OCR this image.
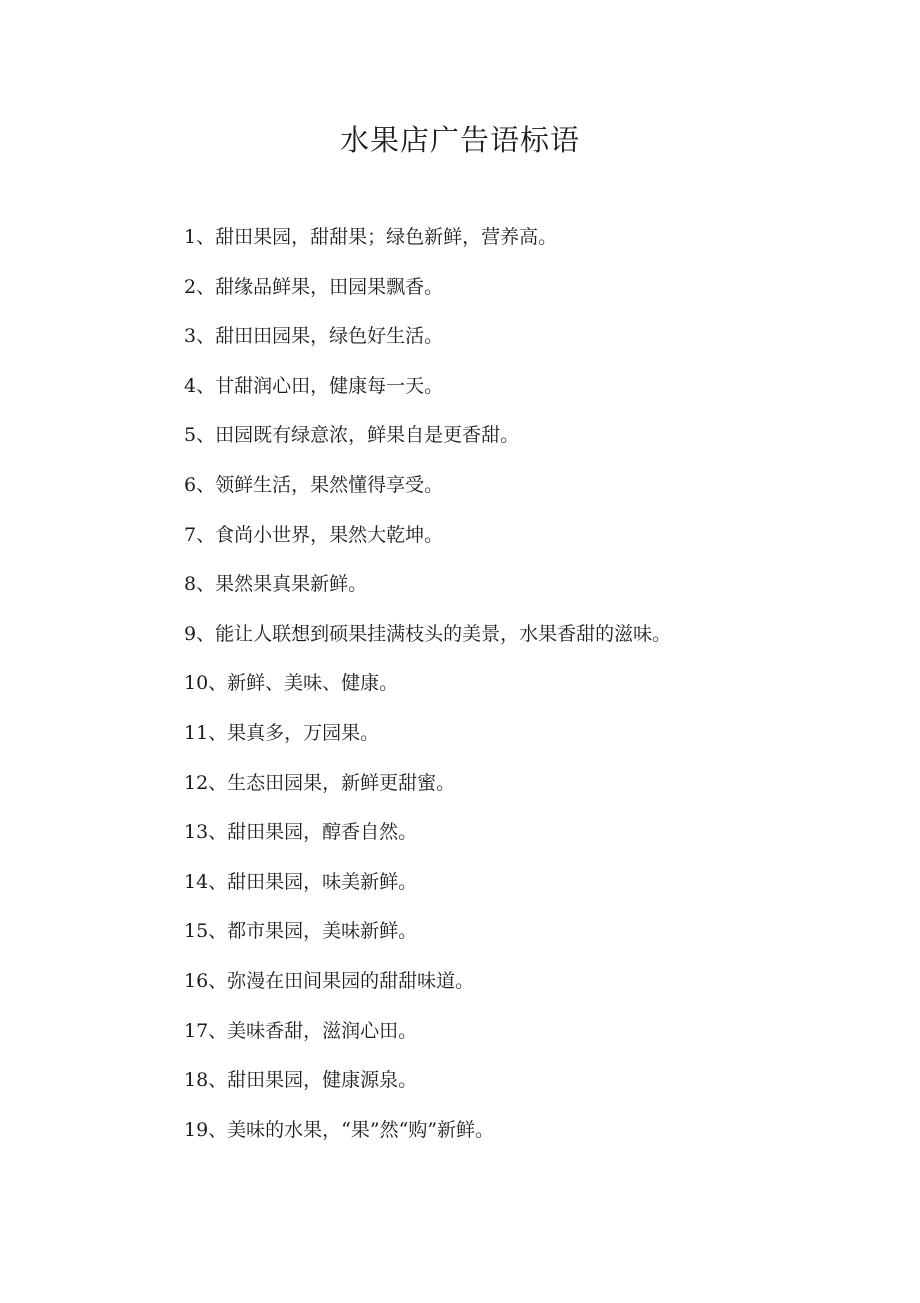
水果店广告语标语
1、甜田果园，甜甜果；绿色新鲜，营养高。
2、甜缘品鲜果，田园果飘香。
3、甜田田园果，绿色好生活。
4、甘甜润心田，健康每一天。
5、田园既有绿意浓，鲜果自是更香甜。
6、领鲜生活，果然懂得享受。
7、食尚小世界，果然大乾坤。
8、果然果真果新鲜。
9、能让人联想到硕果挂满枝头的美景，水果香甜的滋味。
10、新鲜、美味、健康。
11、果真多，万园果。
12、生态田园果，新鲜更甜蜜。
13、甜田果园，醇香自然。
14、甜田果园，味美新鲜。
15、都市果园，美味新鲜。
16、弥漫在田间果园的甜甜味道。
17、美味香甜，滋润心田。
18、甜田果园，健康源泉。
19、美味的水果，“果”然“购”新鲜。
